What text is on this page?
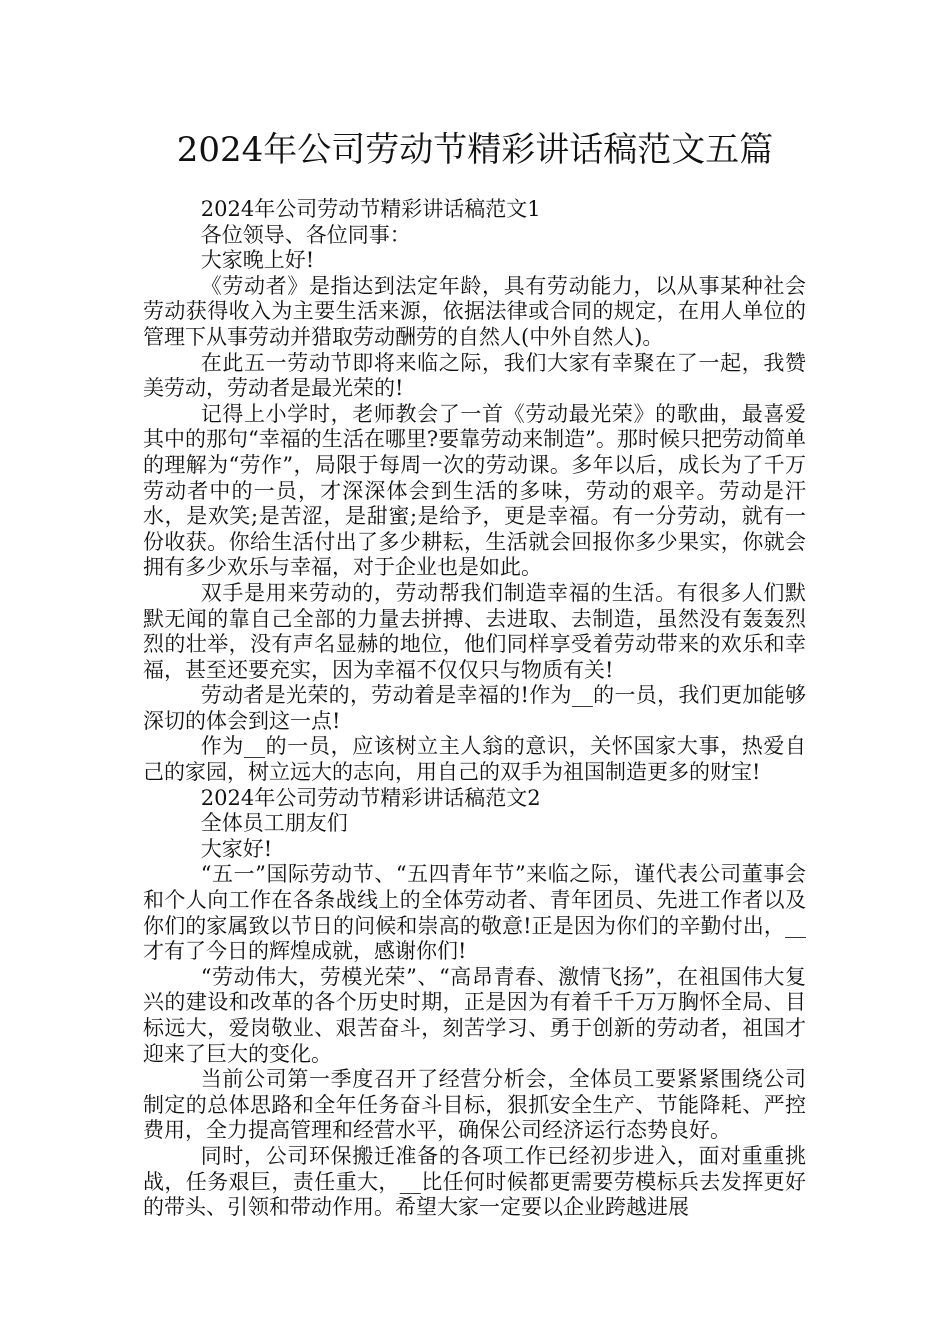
2024年公司劳动节精彩讲话稿范文五篇

2024年公司劳动节精彩讲话稿范文1

各位领导、各位同事：

大家晚上好!

《劳动者》是指达到法定年龄，具有劳动能力，以从事某种社会劳动获得收入为主要生活来源，依据法律或合同的规定，在用人单位的管理下从事劳动并猎取劳动酬劳的自然人(中外自然人)。

在此五一劳动节即将来临之际，我们大家有幸聚在了一起，我赞美劳动，劳动者是最光荣的!

记得上小学时，老师教会了一首《劳动最光荣》的歌曲，最喜爱其中的那句“幸福的生活在哪里?要靠劳动来制造”。那时候只把劳动简单的理解为“劳作”，局限于每周一次的劳动课。多年以后，成长为了千万劳动者中的一员，才深深体会到生活的多味，劳动的艰辛。劳动是汗水，是欢笑;是苦涩，是甜蜜;是给予，更是幸福。有一分劳动，就有一份收获。你给生活付出了多少耕耘，生活就会回报你多少果实，你就会拥有多少欢乐与幸福，对于企业也是如此。

双手是用来劳动的，劳动帮我们制造幸福的生活。有很多人们默默无闻的靠自己全部的力量去拼搏、去进取、去制造，虽然没有轰轰烈烈的壮举，没有声名显赫的地位，他们同样享受着劳动带来的欢乐和幸福，甚至还要充实，因为幸福不仅仅只与物质有关!

劳动者是光荣的，劳动着是幸福的!作为__的一员，我们更加能够深切的体会到这一点!

作为__的一员，应该树立主人翁的意识，关怀国家大事，热爱自己的家园，树立远大的志向，用自己的双手为祖国制造更多的财宝!

2024年公司劳动节精彩讲话稿范文2

全体员工朋友们

大家好!

“五一”国际劳动节、“五四青年节”来临之际，谨代表公司董事会和个人向工作在各条战线上的全体劳动者、青年团员、先进工作者以及你们的家属致以节日的问候和崇高的敬意!正是因为你们的辛勤付出，__才有了今日的辉煌成就，感谢你们!

“劳动伟大，劳模光荣”、“高昂青春、激情飞扬”，在祖国伟大复兴的建设和改革的各个历史时期，正是因为有着千千万万胸怀全局、目标远大，爱岗敬业、艰苦奋斗，刻苦学习、勇于创新的劳动者，祖国才迎来了巨大的变化。

当前公司第一季度召开了经营分析会，全体员工要紧紧围绕公司制定的总体思路和全年任务奋斗目标，狠抓安全生产、节能降耗、严控费用，全力提高管理和经营水平，确保公司经济运行态势良好。

同时，公司环保搬迁准备的各项工作已经初步进入，面对重重挑战，任务艰巨，责任重大，__比任何时候都更需要劳模标兵去发挥更好的带头、引领和带动作用。希望大家一定要以企业跨越进展
